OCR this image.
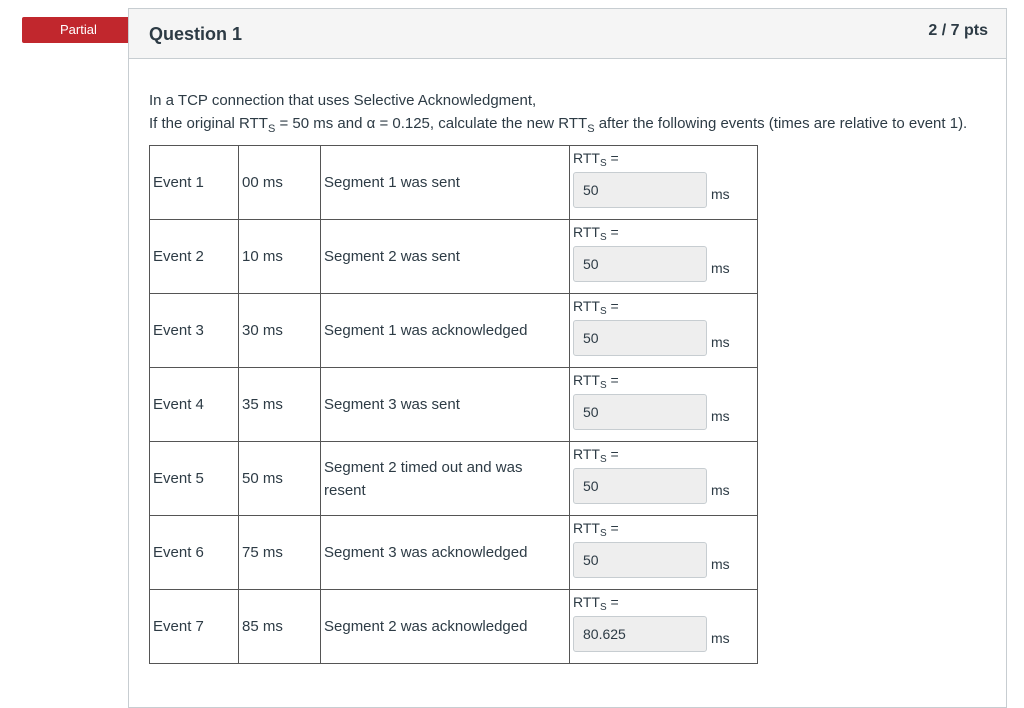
Partial	Question 1	2 / 7 pts
In a TCP connection that uses Selective Acknowledgment,
If the original $RTT_S = 50$ ms and α = 0.125, calculate the new $RTT_S$ after the following events (times are relative to event 1).
Event 1	00 ms	Segment 1 was sent	$RTT_S$ =
50
ms

Event 2	10 ms	Segment 2 was sent	$RTT_S$ =
50
ms

Event 3	30 ms	Segment 1 was acknowledged	$RTT_S$ =
50
ms

Event 4	35 ms	Segment 3 was sent	$RTT_S$ =
50
ms

Event 5	50 ms	Segment 2 timed out and was resent	$RTT_S$ =
50
ms

Event 6	75 ms	Segment 3 was acknowledged	$RTT_S$ =
50
ms

Event 7	85 ms	Segment 2 was acknowledged	$RTT_S$ =
80.625
ms
